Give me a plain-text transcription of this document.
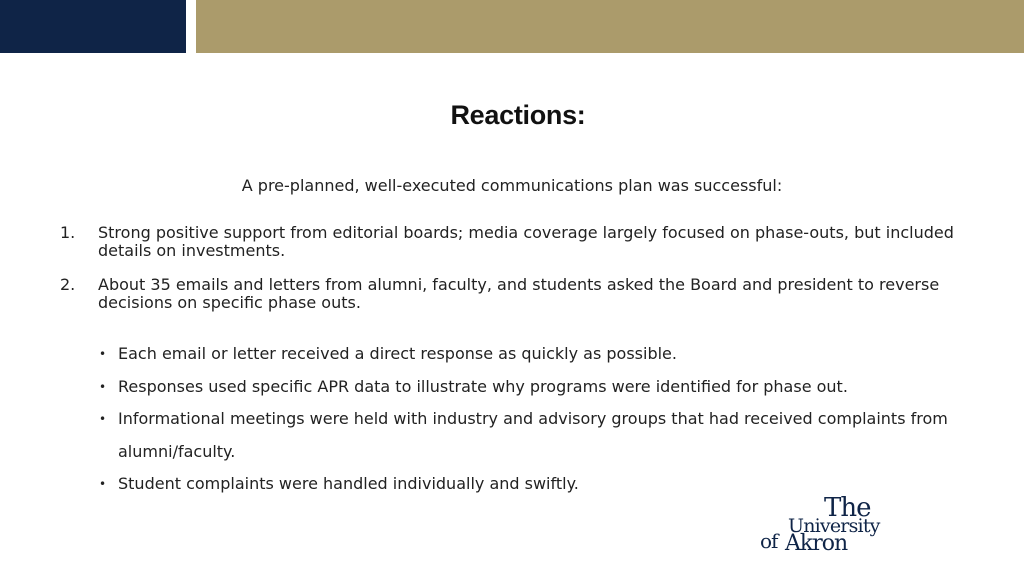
Reactions:
A pre-planned, well-executed communications plan was successful:
1. Strong positive support from editorial boards; media coverage largely focused on phase-outs, but included details on investments.
2. About 35 emails and letters from alumni, faculty, and students asked the Board and president to reverse decisions on specific phase outs.
• Each email or letter received a direct response as quickly as possible.
• Responses used specific APR data to illustrate why programs were identified for phase out.
• Informational meetings were held with industry and advisory groups that had received complaints from alumni/faculty.
• Student complaints were handled individually and swiftly.
The
University
of Akron
